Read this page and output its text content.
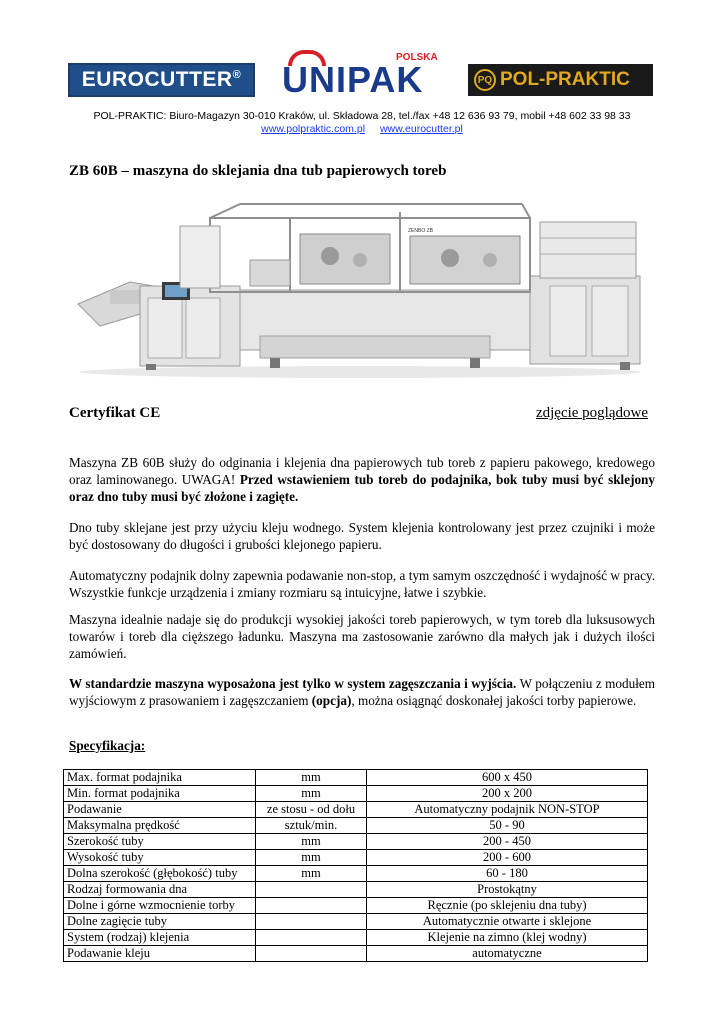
EUROCUTTER® UNIPAK
POLSKA
PQ POL-PRAKTIC
POL-PRAKTIC: Biuro-Magazyn 30-010 Kraków, ul. Składowa 28, tel./fax +48 12 636 93 79, mobil +48 602 33 98 33
www.polpraktic.com.pl www.eurocutter.pl
ZB 60B – maszyna do sklejania dna tub papierowych toreb
ZENBO ZB
Certyfikat CE	zdjęcie poglądowe
Maszyna ZB 60B służy do odginania i klejenia dna papierowych tub toreb z papieru pakowego, kredowego oraz laminowanego. UWAGA! Przed wstawieniem tub toreb do podajnika, bok tuby musi być sklejony oraz dno tuby musi być złożone i zagięte.
Dno tuby sklejane jest przy użyciu kleju wodnego. System klejenia kontrolowany jest przez czujniki i może być dostosowany do długości i grubości klejonego papieru.
Automatyczny podajnik dolny zapewnia podawanie non-stop, a tym samym oszczędność i wydajność w pracy. Wszystkie funkcje urządzenia i zmiany rozmiaru są intuicyjne, łatwe i szybkie.
Maszyna idealnie nadaje się do produkcji wysokiej jakości toreb papierowych, w tym toreb dla luksusowych towarów i toreb dla cięższego ładunku. Maszyna ma zastosowanie zarówno dla małych jak i dużych ilości zamówień.
W standardzie maszyna wyposażona jest tylko w system zagęszczania i wyjścia. W połączeniu z modułem wyjściowym z prasowaniem i zagęszczaniem (opcja), można osiągnąć doskonałej jakości torby papierowe.
Specyfikacja:
Max. format podajnika	mm	600 x 450
Min. format podajnika	mm	200 x 200
Podawanie	ze stosu - od dołu	Automatyczny podajnik NON-STOP
Maksymalna prędkość	sztuk/min.	50 - 90
Szerokość tuby	mm	200 - 450
Wysokość tuby	mm	200 - 600
Dolna szerokość (głębokość) tuby	mm	60 - 180
Rodzaj formowania dna		Prostokątny
Dolne i górne wzmocnienie torby		Ręcznie (po sklejeniu dna tuby)
Dolne zagięcie tuby		Automatycznie otwarte i sklejone
System (rodzaj) klejenia		Klejenie na zimno (klej wodny)
Podawanie kleju		automatyczne
